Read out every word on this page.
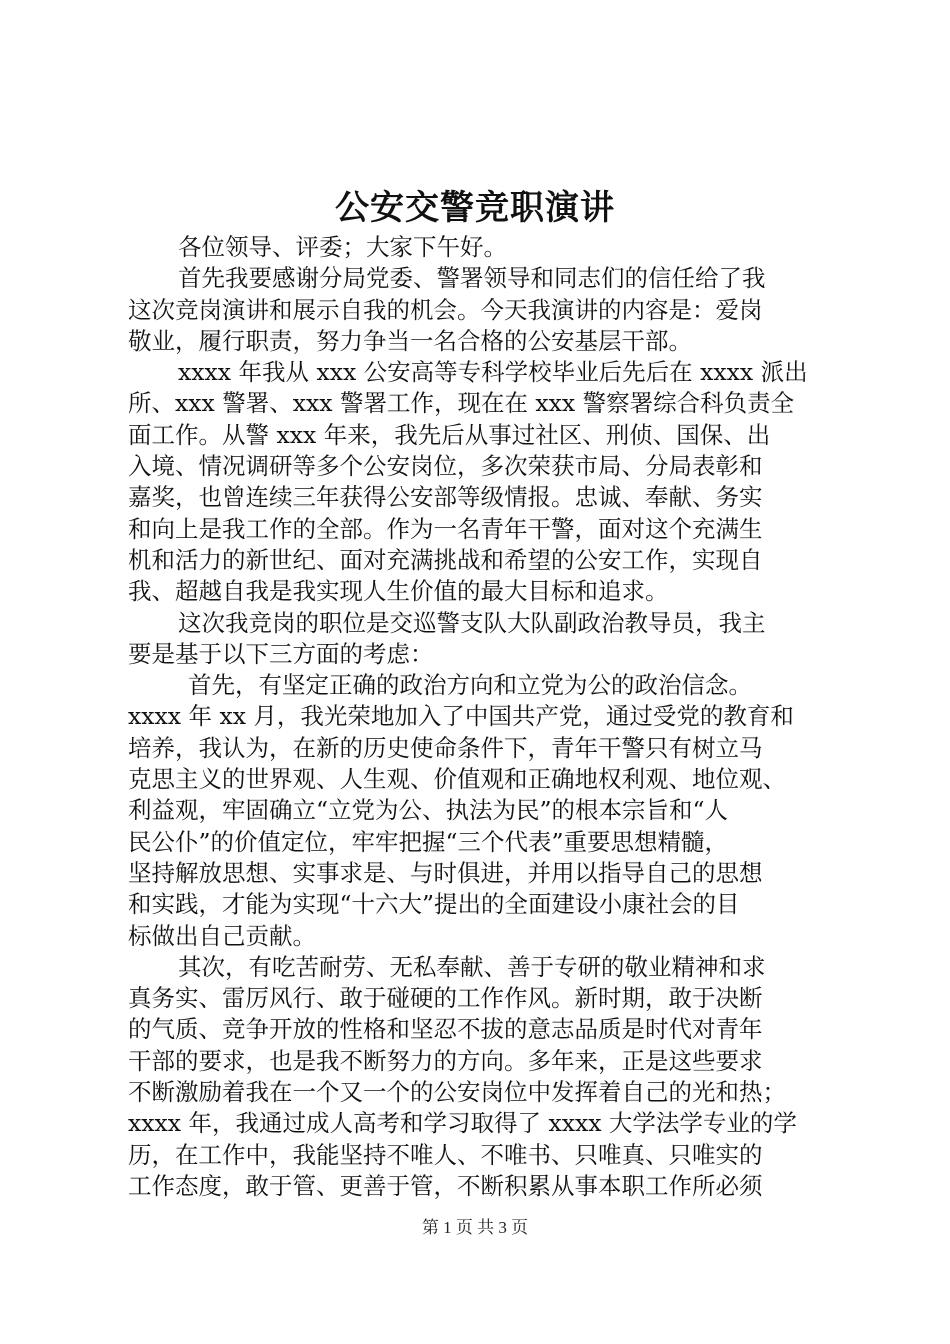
公安交警竞职演讲
各位领导、评委；大家下午好。
首先我要感谢分局党委、警署领导和同志们的信任给了我
这次竞岗演讲和展示自我的机会。今天我演讲的内容是：爱岗
敬业，履行职责，努力争当一名合格的公安基层干部。
xxxx 年我从 xxx 公安高等专科学校毕业后先后在 xxxx 派出
所、xxx 警署、xxx 警署工作，现在在 xxx 警察署综合科负责全
面工作。从警 xxx 年来，我先后从事过社区、刑侦、国保、出
入境、情况调研等多个公安岗位，多次荣获市局、分局表彰和
嘉奖，也曾连续三年获得公安部等级情报。忠诚、奉献、务实
和向上是我工作的全部。作为一名青年干警，面对这个充满生
机和活力的新世纪、面对充满挑战和希望的公安工作，实现自
我、超越自我是我实现人生价值的最大目标和追求。
这次我竞岗的职位是交巡警支队大队副政治教导员，我主
要是基于以下三方面的考虑：
首先，有坚定正确的政治方向和立党为公的政治信念。
xxxx 年 xx 月，我光荣地加入了中国共产党，通过受党的教育和
培养，我认为，在新的历史使命条件下，青年干警只有树立马
克思主义的世界观、人生观、价值观和正确地权利观、地位观、
利益观，牢固确立“立党为公、执法为民”的根本宗旨和“人
民公仆”的价值定位，牢牢把握“三个代表”重要思想精髓，
坚持解放思想、实事求是、与时俱进，并用以指导自己的思想
和实践，才能为实现“十六大”提出的全面建设小康社会的目
标做出自己贡献。
其次，有吃苦耐劳、无私奉献、善于专研的敬业精神和求
真务实、雷厉风行、敢于碰硬的工作作风。新时期，敢于决断
的气质、竞争开放的性格和坚忍不拔的意志品质是时代对青年
干部的要求，也是我不断努力的方向。多年来，正是这些要求
不断激励着我在一个又一个的公安岗位中发挥着自己的光和热；
xxxx 年，我通过成人高考和学习取得了 xxxx 大学法学专业的学
历，在工作中，我能坚持不唯人、不唯书、只唯真、只唯实的
工作态度，敢于管、更善于管，不断积累从事本职工作所必须
第 1 页 共 3 页
